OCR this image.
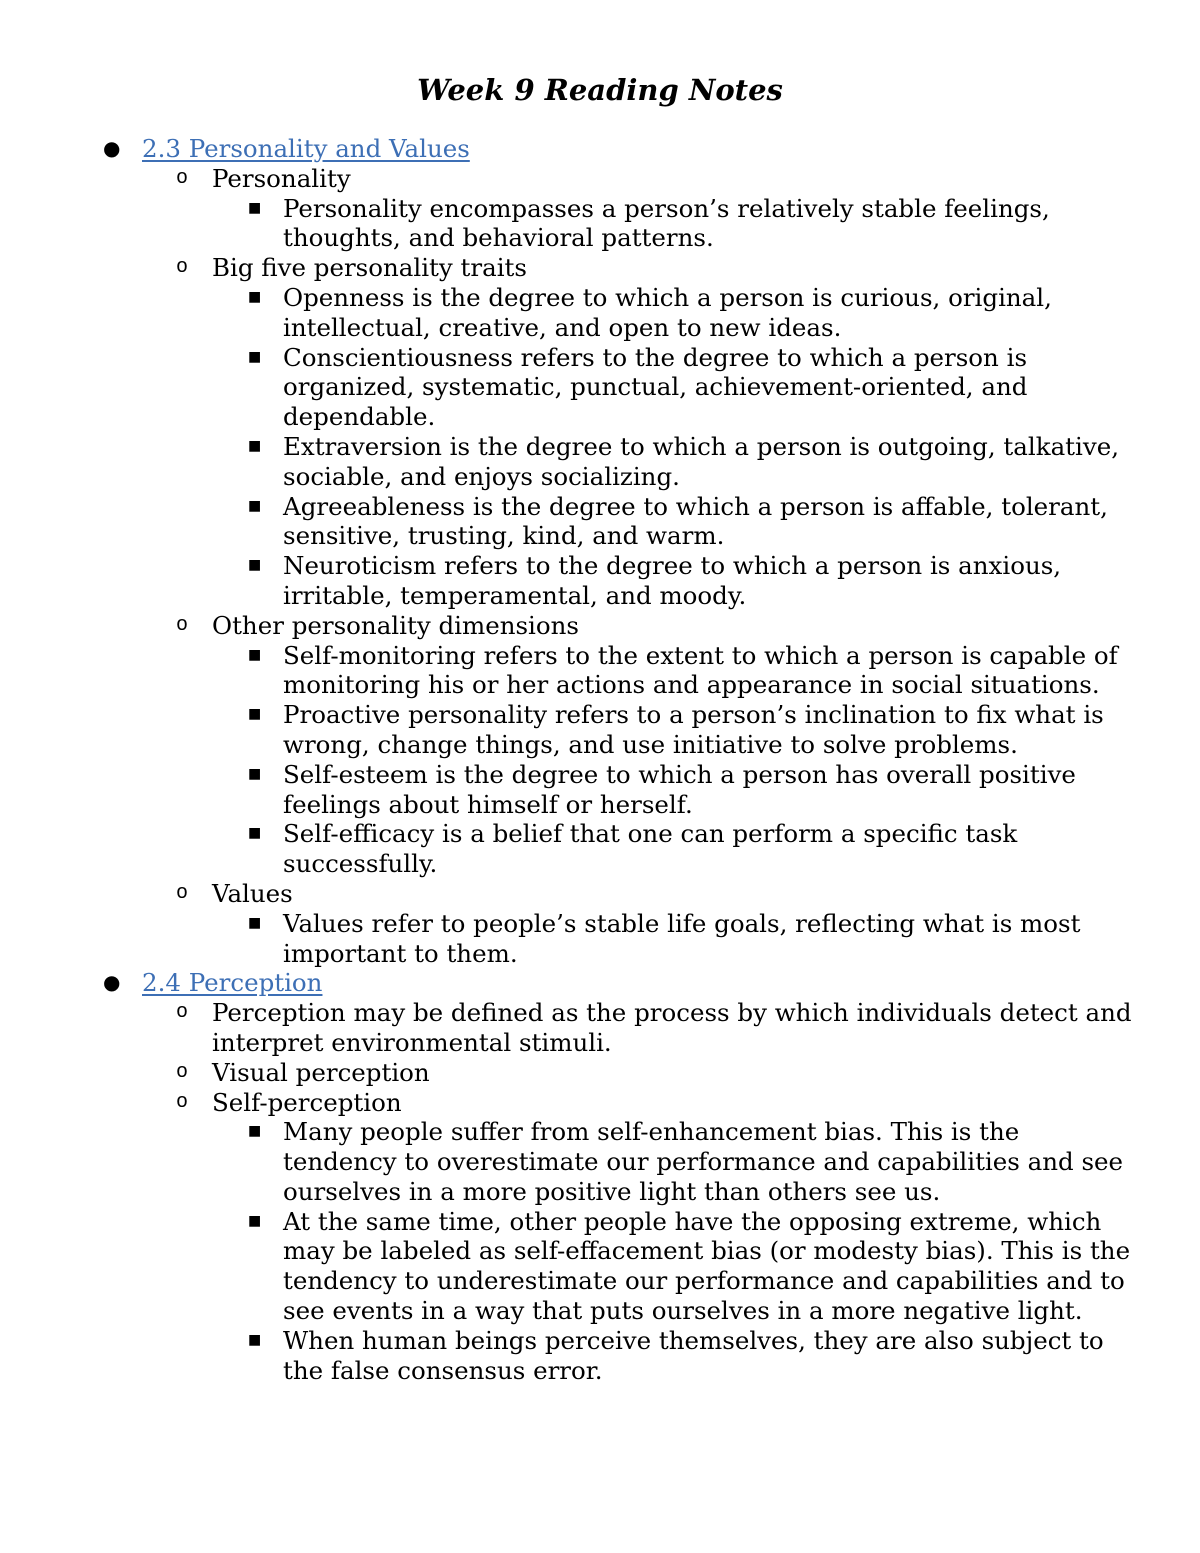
Week 9 Reading Notes
● 2.3 Personality and Values
o Personality
■ Personality encompasses a person’s relatively stable feelings, thoughts, and behavioral patterns.
o Big five personality traits
■ Openness is the degree to which a person is curious, original, intellectual, creative, and open to new ideas.
■ Conscientiousness refers to the degree to which a person is organized, systematic, punctual, achievement-oriented, and dependable.
■ Extraversion is the degree to which a person is outgoing, talkative, sociable, and enjoys socializing.
■ Agreeableness is the degree to which a person is affable, tolerant, sensitive, trusting, kind, and warm.
■ Neuroticism refers to the degree to which a person is anxious, irritable, temperamental, and moody.
o Other personality dimensions
■ Self-monitoring refers to the extent to which a person is capable of monitoring his or her actions and appearance in social situations.
■ Proactive personality refers to a person’s inclination to fix what is wrong, change things, and use initiative to solve problems.
■ Self-esteem is the degree to which a person has overall positive feelings about himself or herself.
■ Self-efficacy is a belief that one can perform a specific task successfully.
o Values
■ Values refer to people’s stable life goals, reflecting what is most important to them.
● 2.4 Perception
o Perception may be defined as the process by which individuals detect and interpret environmental stimuli.
o Visual perception
o Self-perception
■ Many people suffer from self-enhancement bias. This is the tendency to overestimate our performance and capabilities and see ourselves in a more positive light than others see us.
■ At the same time, other people have the opposing extreme, which may be labeled as self-effacement bias (or modesty bias). This is the tendency to underestimate our performance and capabilities and to see events in a way that puts ourselves in a more negative light.
■ When human beings perceive themselves, they are also subject to the false consensus error.
